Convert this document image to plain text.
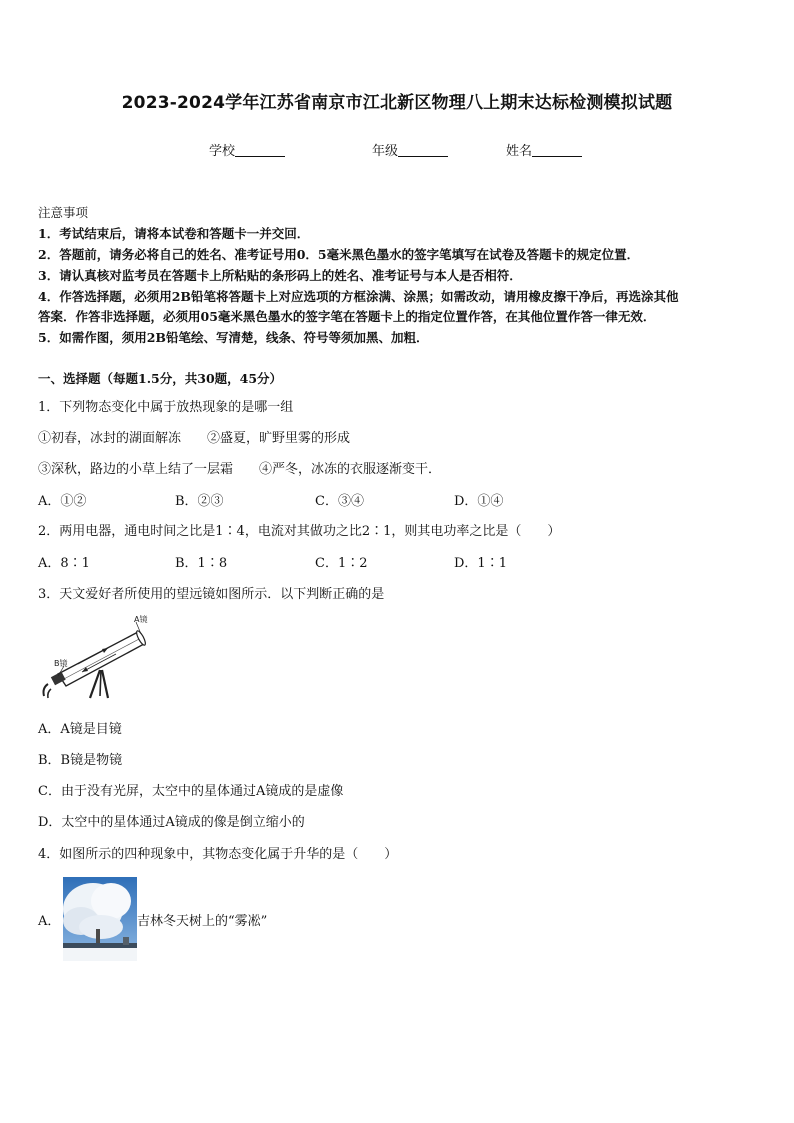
2023-2024学年江苏省南京市江北新区物理八上期末达标检测模拟试题
学校	年级	姓名
注意事项
1．考试结束后，请将本试卷和答题卡一并交回．
2．答题前，请务必将自己的姓名、准考证号用0．5毫米黑色墨水的签字笔填写在试卷及答题卡的规定位置．
3．请认真核对监考员在答题卡上所粘贴的条形码上的姓名、准考证号与本人是否相符．
4．作答选择题，必须用2B铅笔将答题卡上对应选项的方框涂满、涂黑；如需改动，请用橡皮擦干净后，再选涂其他
答案．作答非选择题，必须用05毫米黑色墨水的签字笔在答题卡上的指定位置作答，在其他位置作答一律无效．
5．如需作图，须用2B铅笔绘、写清楚，线条、符号等须加黑、加粗．
一、选择题（每题1.5分，共30题，45分）
1．下列物态变化中属于放热现象的是哪一组
①初春，冰封的湖面解冻　　②盛夏，旷野里雾的形成
③深秋，路边的小草上结了一层霜　　④严冬，冰冻的衣服逐渐变干．
A．①②	B．②③	C．③④	D．①④
2．两用电器，通电时间之比是1∶4，电流对其做功之比2∶1，则其电功率之比是（　　）
A．8∶1	B．1∶8	C．1∶2	D．1∶1
3．天文爱好者所使用的望远镜如图所示．以下判断正确的是
A镜
B镜
A．A镜是目镜
B．B镜是物镜
C．由于没有光屏，太空中的星体通过A镜成的是虚像
D．太空中的星体通过A镜成的像是倒立缩小的
4．如图所示的四种现象中，其物态变化属于升华的是（　　）
A．	吉林冬天树上的“雾凇”
